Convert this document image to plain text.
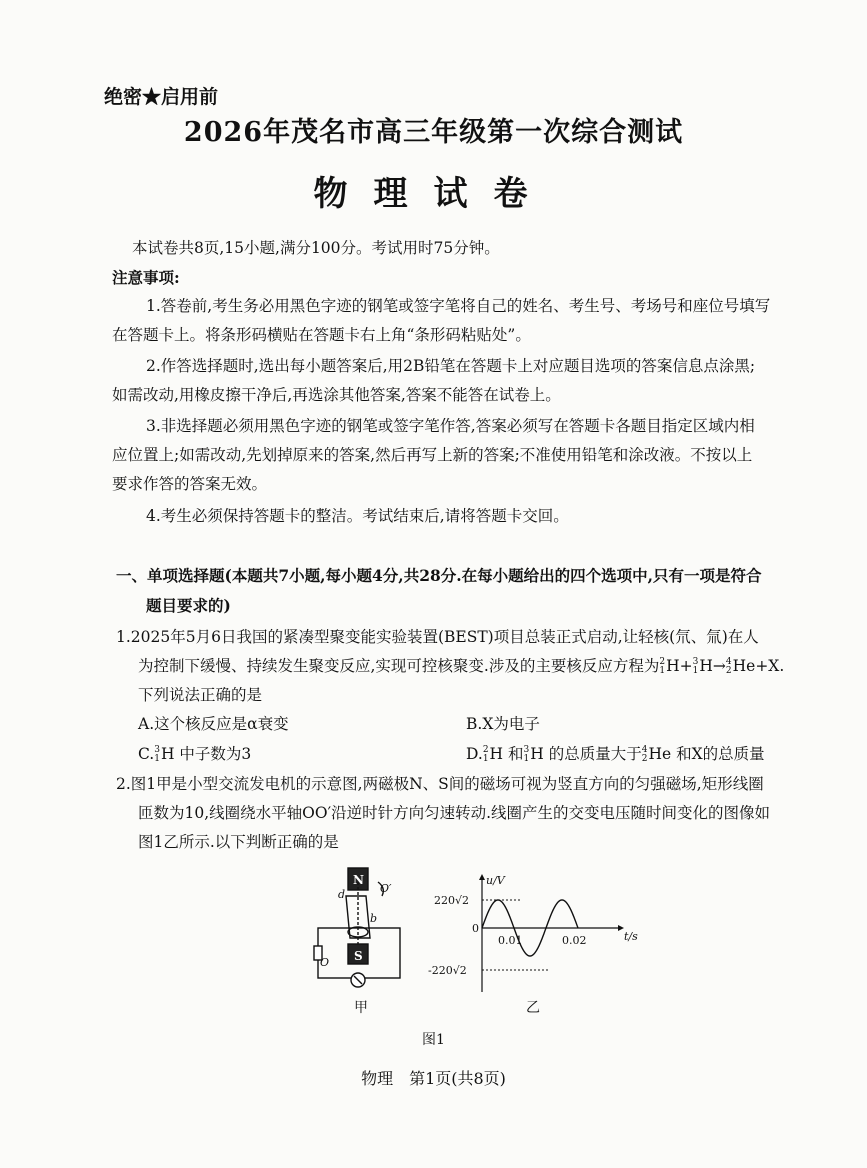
绝密★启用前
2026年茂名市高三年级第一次综合测试
物理试卷
本试卷共8页,15小题,满分100分。考试用时75分钟。
注意事项:
1.答卷前,考生务必用黑色字迹的钢笔或签字笔将自己的姓名、考生号、考场号和座位号填写
在答题卡上。将条形码横贴在答题卡右上角“条形码粘贴处”。
2.作答选择题时,选出每小题答案后,用2B铅笔在答题卡上对应题目选项的答案信息点涂黑;
如需改动,用橡皮擦干净后,再选涂其他答案,答案不能答在试卷上。
3.非选择题必须用黑色字迹的钢笔或签字笔作答,答案必须写在答题卡各题目指定区域内相
应位置上;如需改动,先划掉原来的答案,然后再写上新的答案;不准使用铅笔和涂改液。不按以上
要求作答的答案无效。
4.考生必须保持答题卡的整洁。考试结束后,请将答题卡交回。
一、单项选择题(本题共7小题,每小题4分,共28分.在每小题给出的四个选项中,只有一项是符合
题目要求的)
1.2025年5月6日我国的紧凑型聚变能实验装置(BEST)项目总装正式启动,让轻核(氘、氚)在人
为控制下缓慢、持续发生聚变反应,实现可控核聚变.涉及的主要核反应方程为 2
1 H+ 3
1 H→ 4
2 He+X.
下列说法正确的是
A.这个核反应是α衰变	B.X为电子
C. 3
1 H 中子数为3	D. 2
1 H 和 3
1 H 的总质量大于 4
2 He 和X的总质量
2.图1甲是小型交流发电机的示意图,两磁极N、S间的磁场可视为竖直方向的匀强磁场,矩形线圈
匝数为10,线圈绕水平轴OO′沿逆时针方向匀速转动.线圈产生的交变电压随时间变化的图像如
图1乙所示.以下判断正确的是
N
S
d
b
O
O′
甲
u/V
t/s
220√2
-220√2
0
0.01	0.02
乙
图1
物理　第1页(共8页)
